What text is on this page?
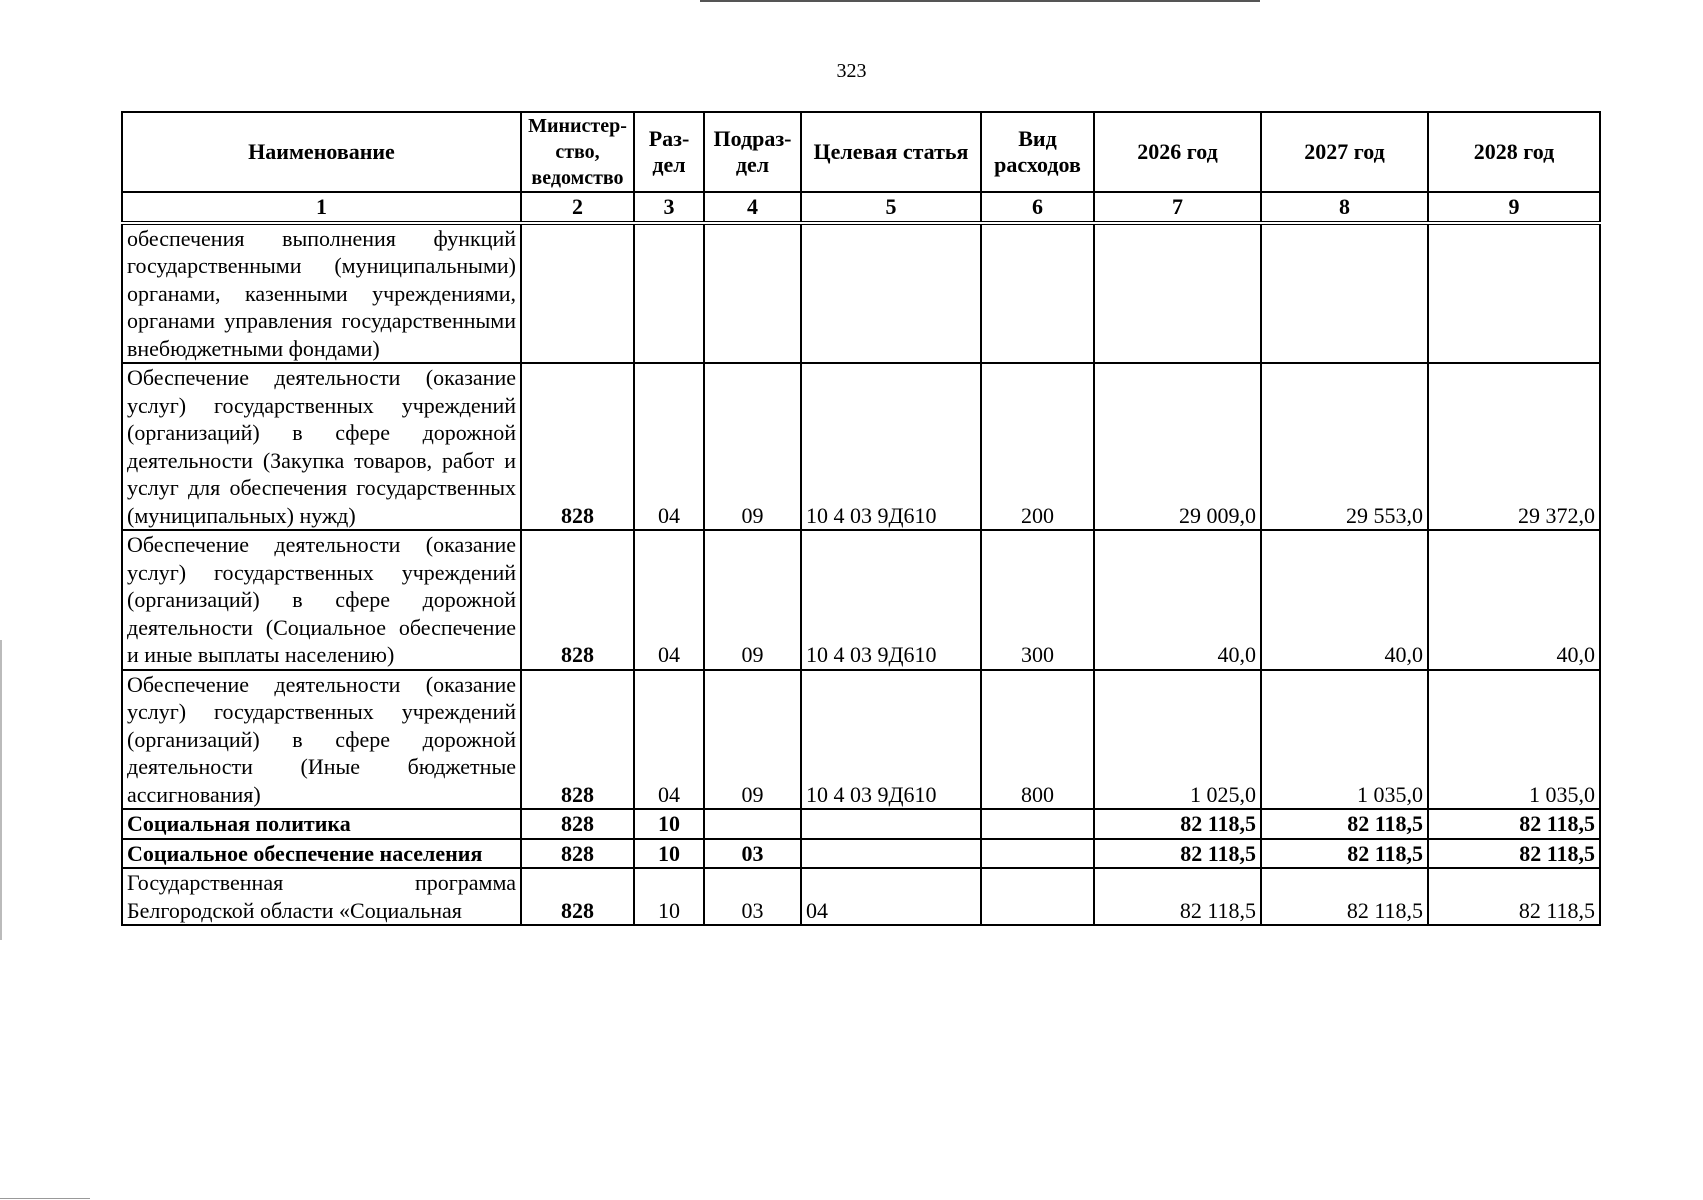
323
Наименование	Министер-ство, ведомство	Раз-дел	Подраз-дел	Целевая статья	Вид расходов	2026 год	2027 год	2028 год
1	2	3	4	5	6	7	8	9
обеспечения выполнения функций государственными (муниципальными) органами, казенными учреждениями, органами управления государственными внебюджетными фондами)								
Обеспечение деятельности (оказание услуг) государственных учреждений (организаций) в сфере дорожной деятельности (Закупка товаров, работ и услуг для обеспечения государственных (муниципальных) нужд)	828	04	09	10 4 03 9Д610	200	29 009,0	29 553,0	29 372,0
Обеспечение деятельности (оказание услуг) государственных учреждений (организаций) в сфере дорожной деятельности (Социальное обеспечение и иные выплаты населению)	828	04	09	10 4 03 9Д610	300	40,0	40,0	40,0
Обеспечение деятельности (оказание услуг) государственных учреждений (организаций) в сфере дорожной деятельности (Иные бюджетные ассигнования)	828	04	09	10 4 03 9Д610	800	1 025,0	1 035,0	1 035,0
Социальная политика	828	10				82 118,5	82 118,5	82 118,5
Социальное обеспечение населения	828	10	03			82 118,5	82 118,5	82 118,5
Государственная программа Белгородской области «Социальная	828	10	03	04		82 118,5	82 118,5	82 118,5
